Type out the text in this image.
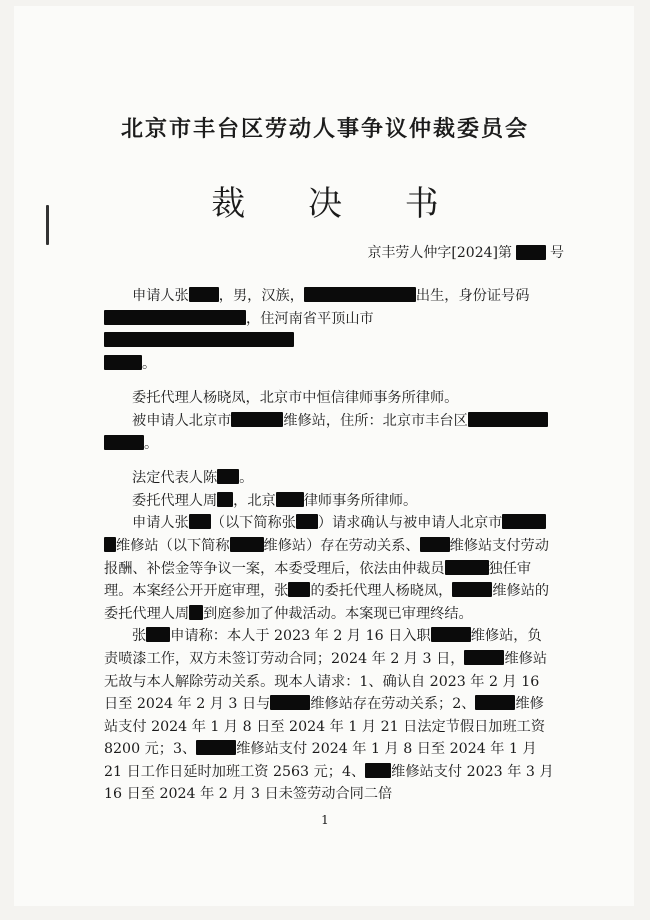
北京市丰台区劳动人事争议仲裁委员会
裁 决 书
京丰劳人仲字[2024]第	号

申请人张 ，男，汉族，	出生，身份证号码
，住河南省平顶山市
。

委托代理人杨晓凤，北京市中恒信律师事务所律师。

被申请人北京市	维修站，住所：北京市丰台区
。

法定代表人陈 。

委托代理人周 ，北京 律师事务所律师。

申请人张 （以下简称张 ）请求确认与被申请人北京市维修站（以下简称 维修站）存在劳动关系、 维修站支付劳动报酬、补偿金等争议一案，本委受理后，依法由仲裁员	独任审理。本案经公开开庭审理，张 的委托代理人杨晓凤，	维修站的委托代理人周 到庭参加了仲裁活动。本案现已审理终结。

张 申请称：本人于 2023 年 2 月 16 日入职	维修站，负责喷漆工作，双方未签订劳动合同；2024 年 2 月 3 日，	维修站无故与本人解除劳动关系。现本人请求：1、确认自 2023 年 2 月 16 日至 2024 年 2 月 3 日与	维修站存在劳动关系；2、	维修站支付 2024 年 1 月 8 日至 2024 年 1 月 21 日法定节假日加班工资 8200 元；3、	维修站支付 2024 年 1 月 8 日至 2024 年 1 月 21 日工作日延时加班工资 2563 元；4、 维修站支付 2023 年 3 月 16 日至 2024 年 2 月 3 日未签劳动合同二倍

1
